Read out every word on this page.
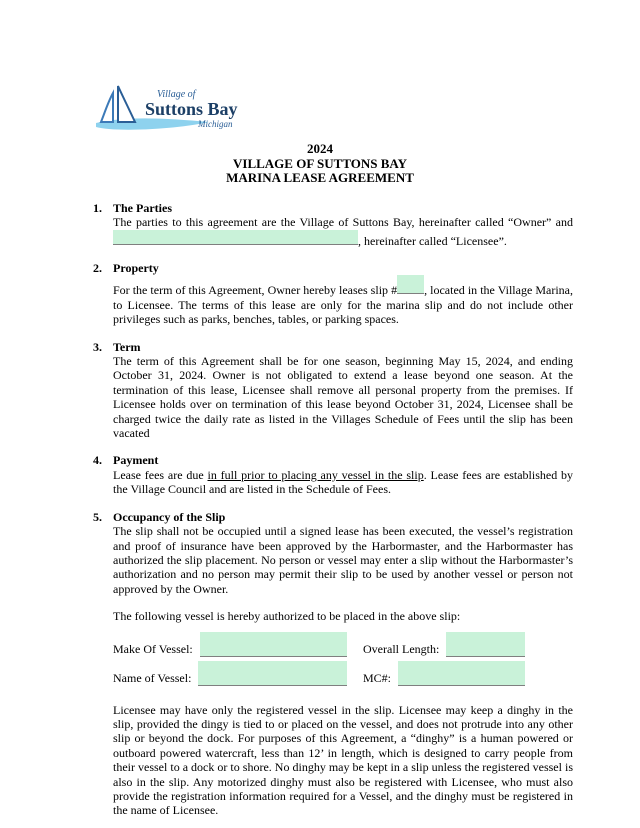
Village of
Suttons Bay
Michigan
2024
VILLAGE OF SUTTONS BAY
MARINA LEASE AGREEMENT
1. The Parties

The parties to this agreement are the Village of Suttons Bay, hereinafter called “Owner” and , hereinafter called “Licensee”.

2. Property

For the term of this Agreement, Owner hereby leases slip # , located in the Village Marina, to Licensee. The terms of this lease are only for the marina slip and do not include other privileges such as parks, benches, tables, or parking spaces.

3. Term

The term of this Agreement shall be for one season, beginning May 15, 2024, and ending October 31, 2024. Owner is not obligated to extend a lease beyond one season. At the termination of this lease, Licensee shall remove all personal property from the premises. If Licensee holds over on termination of this lease beyond October 31, 2024, Licensee shall be charged twice the daily rate as listed in the Villages Schedule of Fees until the slip has been vacated

4. Payment

Lease fees are due in full prior to placing any vessel in the slip. Lease fees are established by the Village Council and are listed in the Schedule of Fees.

5. Occupancy of the Slip

The slip shall not be occupied until a signed lease has been executed, the vessel’s registration and proof of insurance have been approved by the Harbormaster, and the Harbormaster has authorized the slip placement. No person or vessel may enter a slip without the Harbormaster’s authorization and no person may permit their slip to be used by another vessel or person not approved by the Owner.

The following vessel is hereby authorized to be placed in the above slip:

Make Of Vessel:	Overall Length:
Name of Vessel:	MC#:

Licensee may have only the registered vessel in the slip. Licensee may keep a dinghy in the slip, provided the dingy is tied to or placed on the vessel, and does not protrude into any other slip or beyond the dock. For purposes of this Agreement, a “dinghy” is a human powered or outboard powered watercraft, less than 12’ in length, which is designed to carry people from their vessel to a dock or to shore. No dinghy may be kept in a slip unless the registered vessel is also in the slip. Any motorized dinghy must also be registered with Licensee, who must also provide the registration information required for a Vessel, and the dinghy must be registered in the name of Licensee.
